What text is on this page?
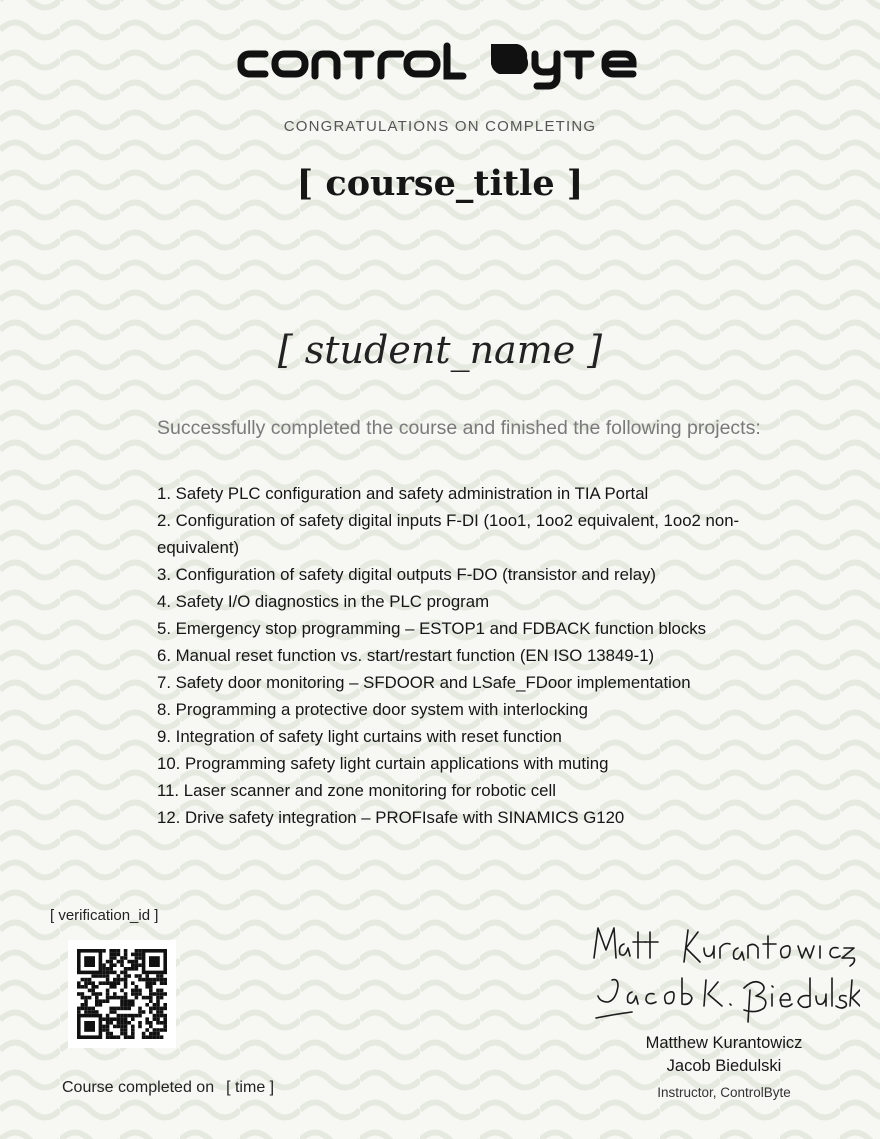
CONGRATULATIONS ON COMPLETING
[ course_title ]
[ student_name ]
Successfully completed the course and finished the following projects:
1. Safety PLC configuration and safety administration in TIA Portal
2. Configuration of safety digital inputs F-DI (1oo1, 1oo2 equivalent, 1oo2 non-equivalent)
3. Configuration of safety digital outputs F-DO (transistor and relay)
4. Safety I/O diagnostics in the PLC program
5. Emergency stop programming – ESTOP1 and FDBACK function blocks
6. Manual reset function vs. start/restart function (EN ISO 13849-1)
7. Safety door monitoring – SFDOOR and LSafe_FDoor implementation
8. Programming a protective door system with interlocking
9. Integration of safety light curtains with reset function
10. Programming safety light curtain applications with muting
11. Laser scanner and zone monitoring for robotic cell
12. Drive safety integration – PROFIsafe with SINAMICS G120
[ verification_id ]
Course completed on [ time ]
Matthew Kurantowicz
Jacob Biedulski
Instructor, ControlByte
